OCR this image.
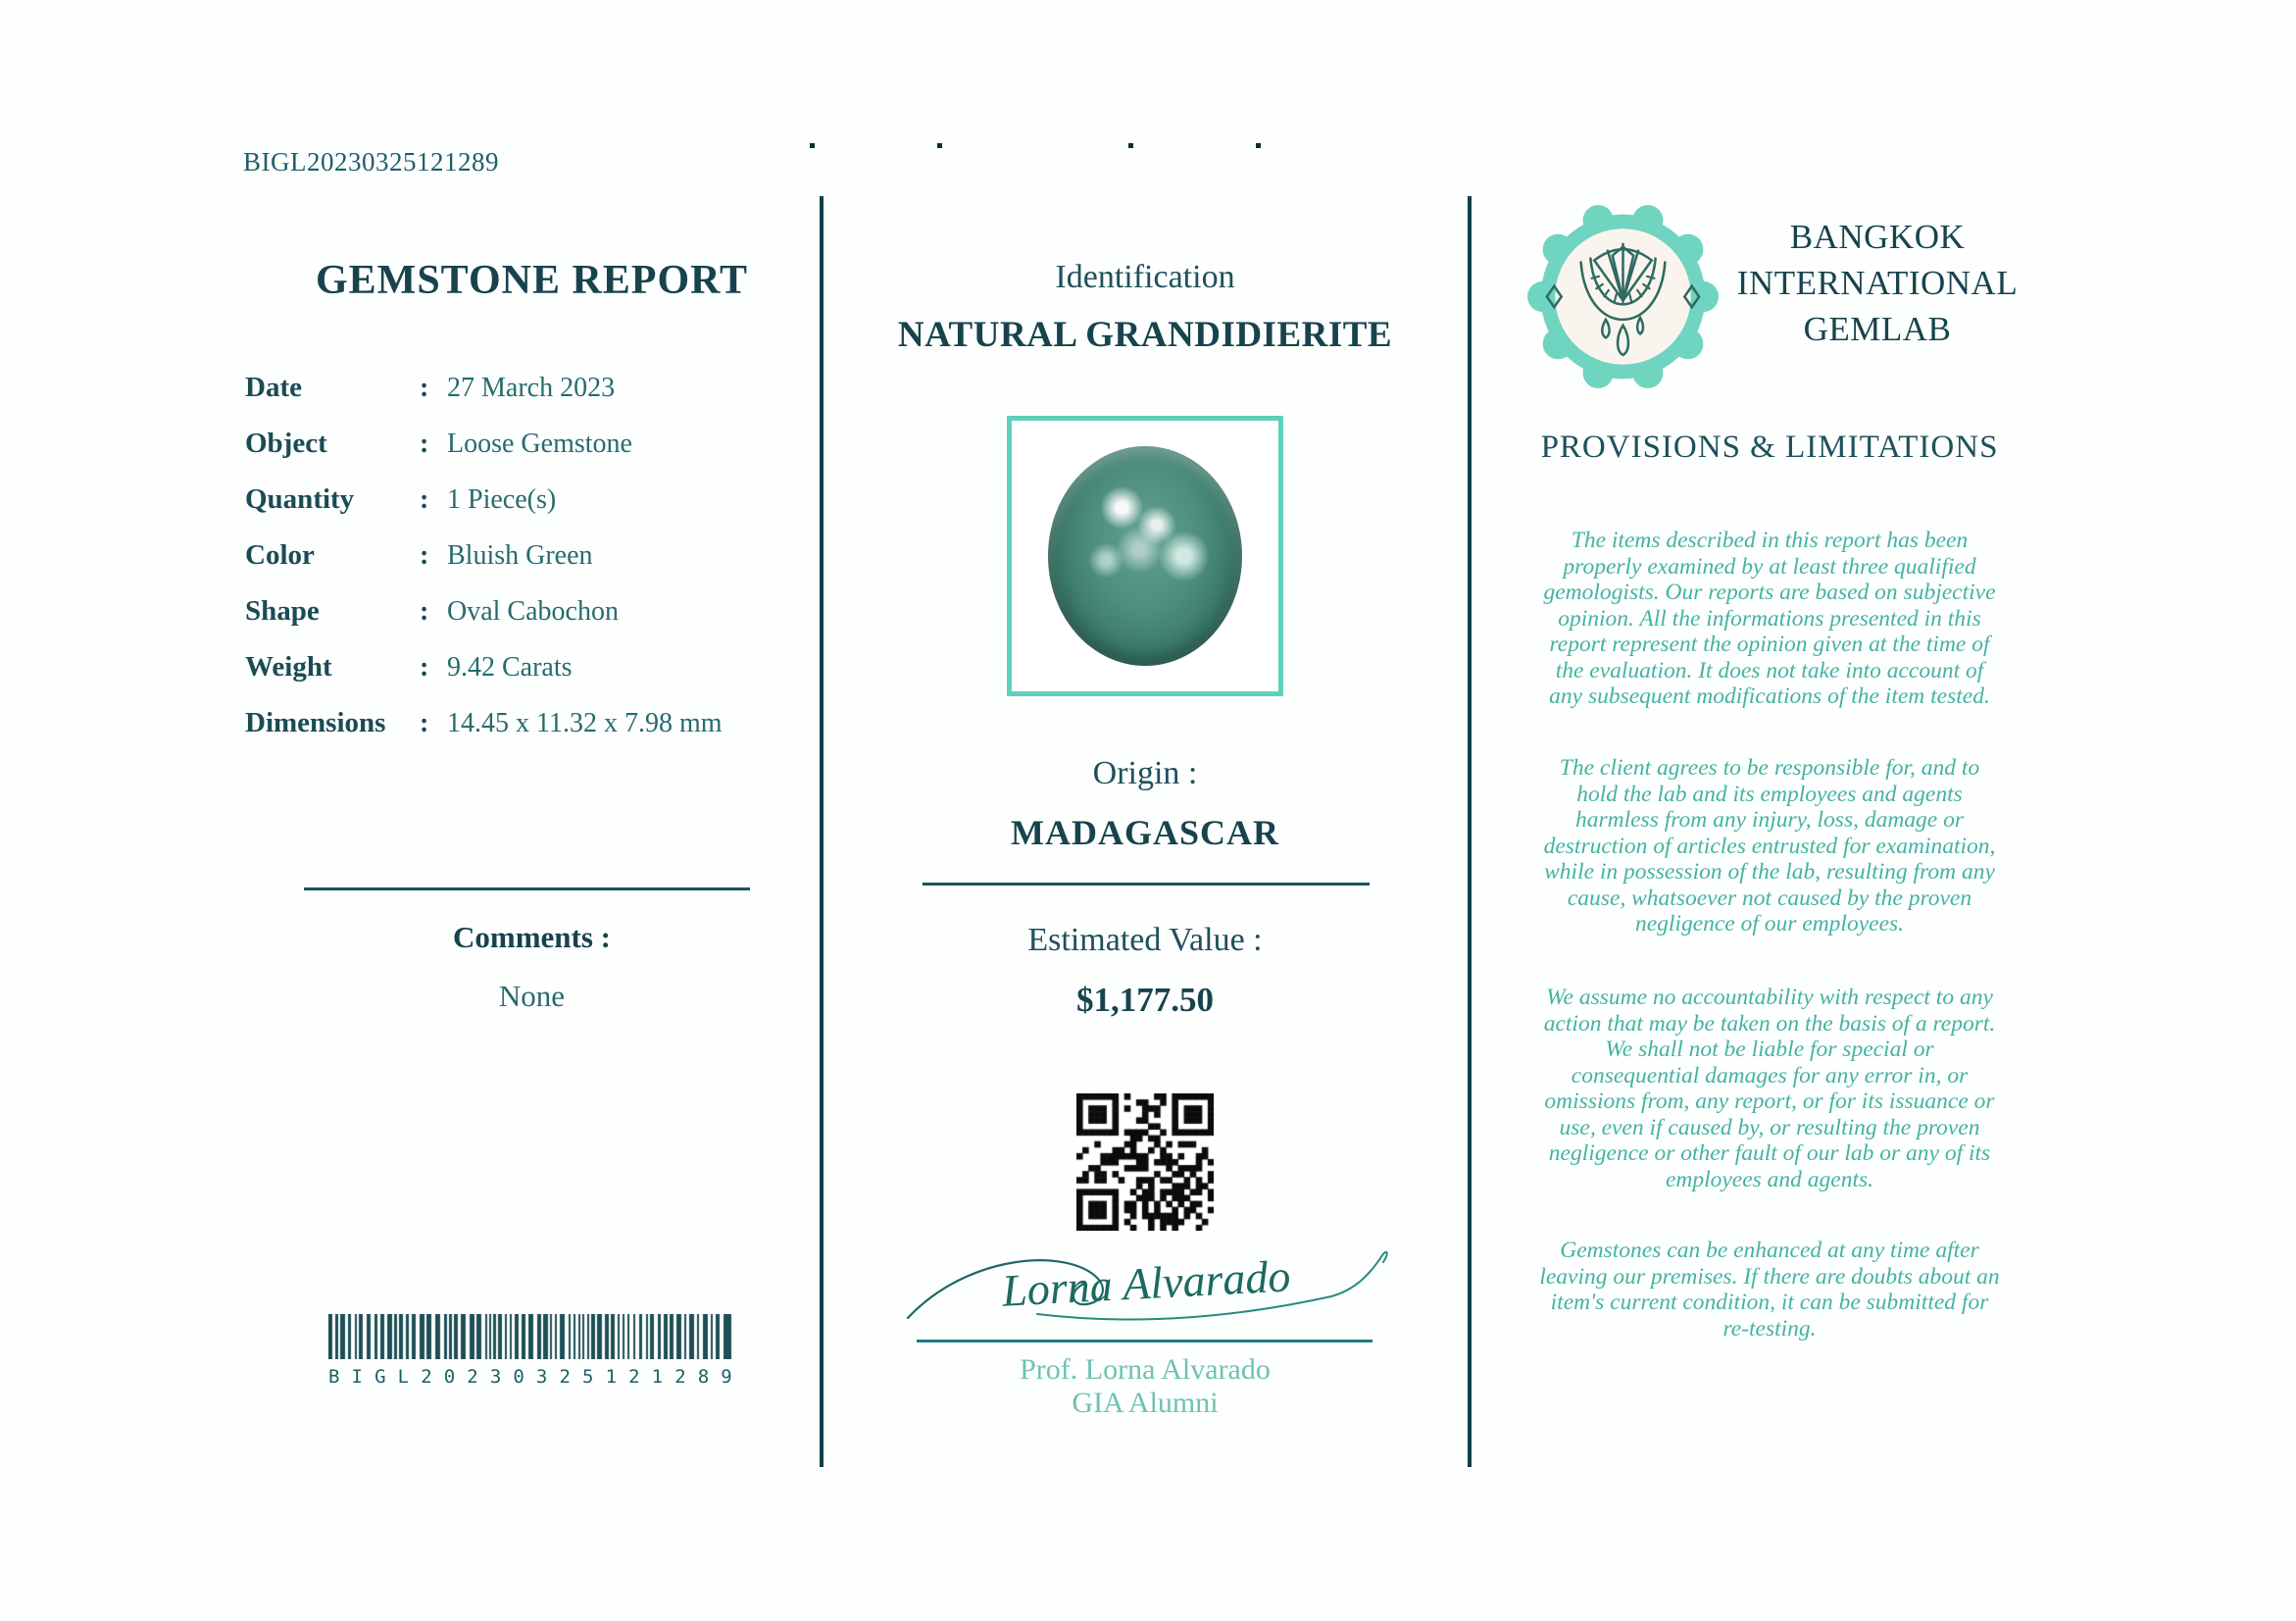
BIGL20230325121289
GEMSTONE REPORT
Date	: 27 March 2023
Object	: Loose Gemstone
Quantity	: 1 Piece(s)
Color	: Bluish Green
Shape	: Oval Cabochon
Weight	: 9.42 Carats
Dimensions	: 14.45 x 11.32 x 7.98 mm
Comments :
None
B I G L 2 0 2 3 0 3 2 5 1 2 1 2 8 9
Identification
NATURAL GRANDIDIERITE
Origin :
MADAGASCAR
Estimated Value :
$1,177.50
Lorna Alvarado
Prof. Lorna Alvarado
GIA Alumni
BANGKOK
INTERNATIONAL
GEMLAB
PROVISIONS & LIMITATIONS

The items described in this report has been properly examined by at least three qualified gemologists. Our reports are based on subjective opinion. All the informations presented in this report represent the opinion given at the time of the evaluation. It does not take into account of any subsequent modifications of the item tested.

The client agrees to be responsible for, and to hold the lab and its employees and agents harmless from any injury, loss, damage or destruction of articles entrusted for examination, while in possession of the lab, resulting from any cause, whatsoever not caused by the proven negligence of our employees.

We assume no accountability with respect to any action that may be taken on the basis of a report. We shall not be liable for special or consequential damages for any error in, or omissions from, any report, or for its issuance or use, even if caused by, or resulting the proven negligence or other fault of our lab or any of its employees and agents.

Gemstones can be enhanced at any time after leaving our premises. If there are doubts about an item's current condition, it can be submitted for re-testing.
